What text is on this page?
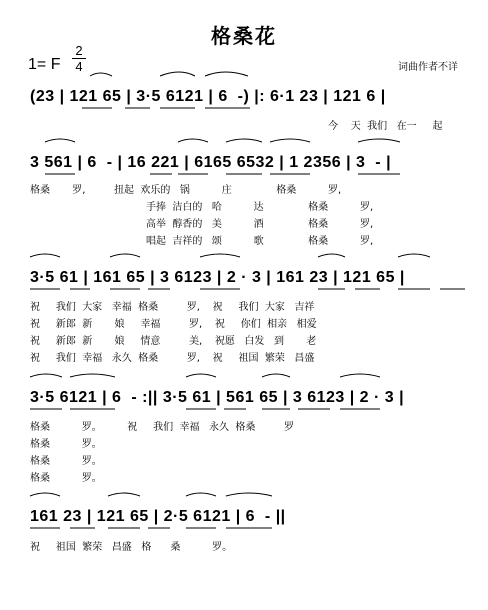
格桑花
1= F
2
4	词曲作者不详
(23 | 121 65 | 3·5 6121 | 6  -) |: 6·1 23 | 121 6 |
今    天  我们   在一     起
3 561 | 6  - | 16 221 | 6165 6532 | 1 2356 | 3  - |
格桑       罗,         扭起  欢乐的   锅          庄              格桑          罗,
手捧  洁白的   哈          达              格桑          罗,
高举  醇香的   美          酒              格桑          罗,
唱起  吉祥的   颂          歌              格桑          罗,
3·5 61 | 161 65 | 3 6123 | 2 · 3 | 161 23 | 121 65 |
祝     我们  大家   幸福  格桑         罗,    祝     我们  大家   吉祥
祝     新郎  新       娘     幸福         罗,    祝     你们  相亲   相爱
祝     新郎  新       娘     情意         美,    祝愿   白发   到       老
祝     我们  幸福   永久  格桑         罗,    祝     祖国  繁荣   昌盛
3·5 6121 | 6  - :|| 3·5 61 | 561 65 | 3 6123 | 2 · 3 |
格桑          罗。        祝     我们  幸福   永久  格桑         罗
格桑          罗。
格桑          罗。
格桑          罗。
161 23 | 121 65 | 2·5 6121 | 6  - ||
祝     祖国  繁荣   昌盛   格      桑          罗。
